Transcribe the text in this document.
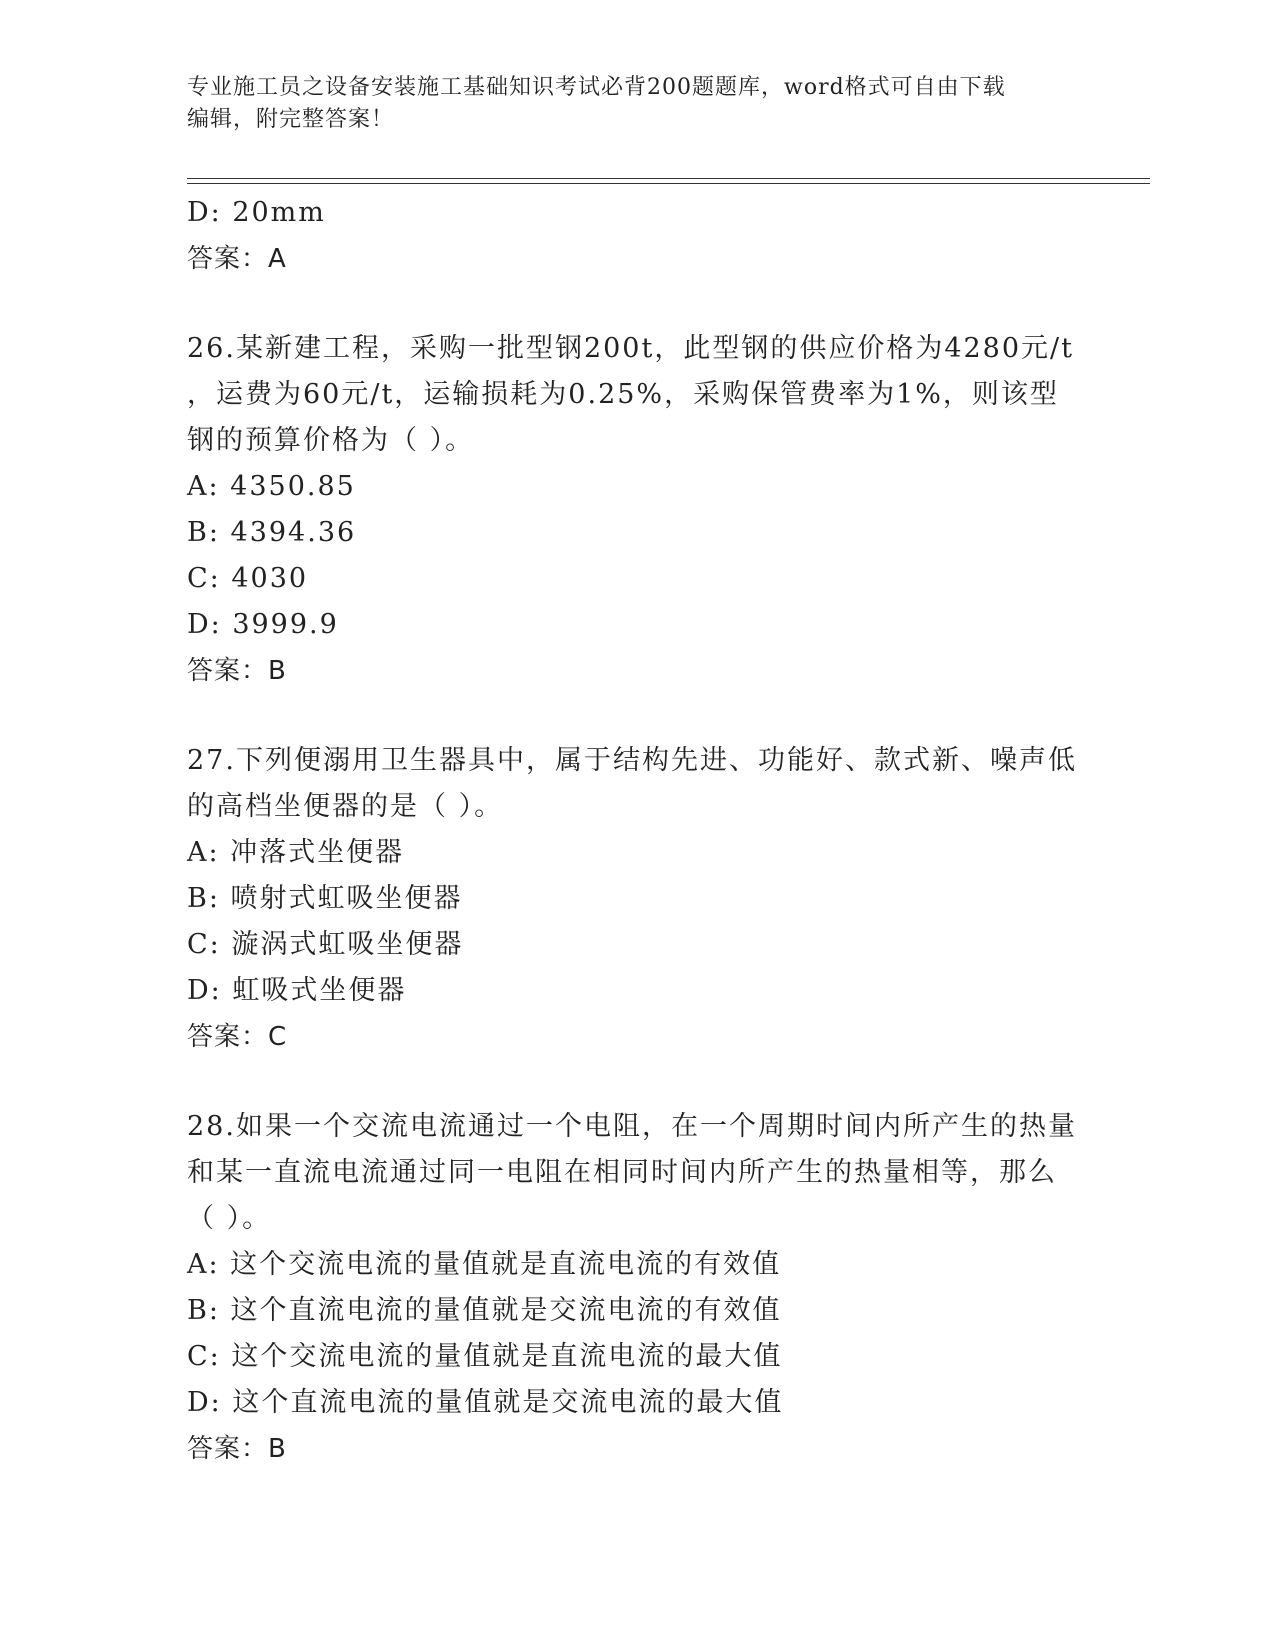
专业施工员之设备安装施工基础知识考试必背200题题库，word格式可自由下载
编辑，附完整答案！
D: 20mm
答案：A
26.某新建工程，采购一批型钢200t，此型钢的供应价格为4280元/t
，运费为60元/t，运输损耗为0.25%，采购保管费率为1%，则该型
钢的预算价格为（ ）。
A: 4350.85
B: 4394.36
C: 4030
D: 3999.9
答案：B
27.下列便溺用卫生器具中，属于结构先进、功能好、款式新、噪声低
的高档坐便器的是（ ）。
A: 冲落式坐便器
B: 喷射式虹吸坐便器
C: 漩涡式虹吸坐便器
D: 虹吸式坐便器
答案：C
28.如果一个交流电流通过一个电阻，在一个周期时间内所产生的热量
和某一直流电流通过同一电阻在相同时间内所产生的热量相等，那么
（ ）。
A: 这个交流电流的量值就是直流电流的有效值
B: 这个直流电流的量值就是交流电流的有效值
C: 这个交流电流的量值就是直流电流的最大值
D: 这个直流电流的量值就是交流电流的最大值
答案：B
